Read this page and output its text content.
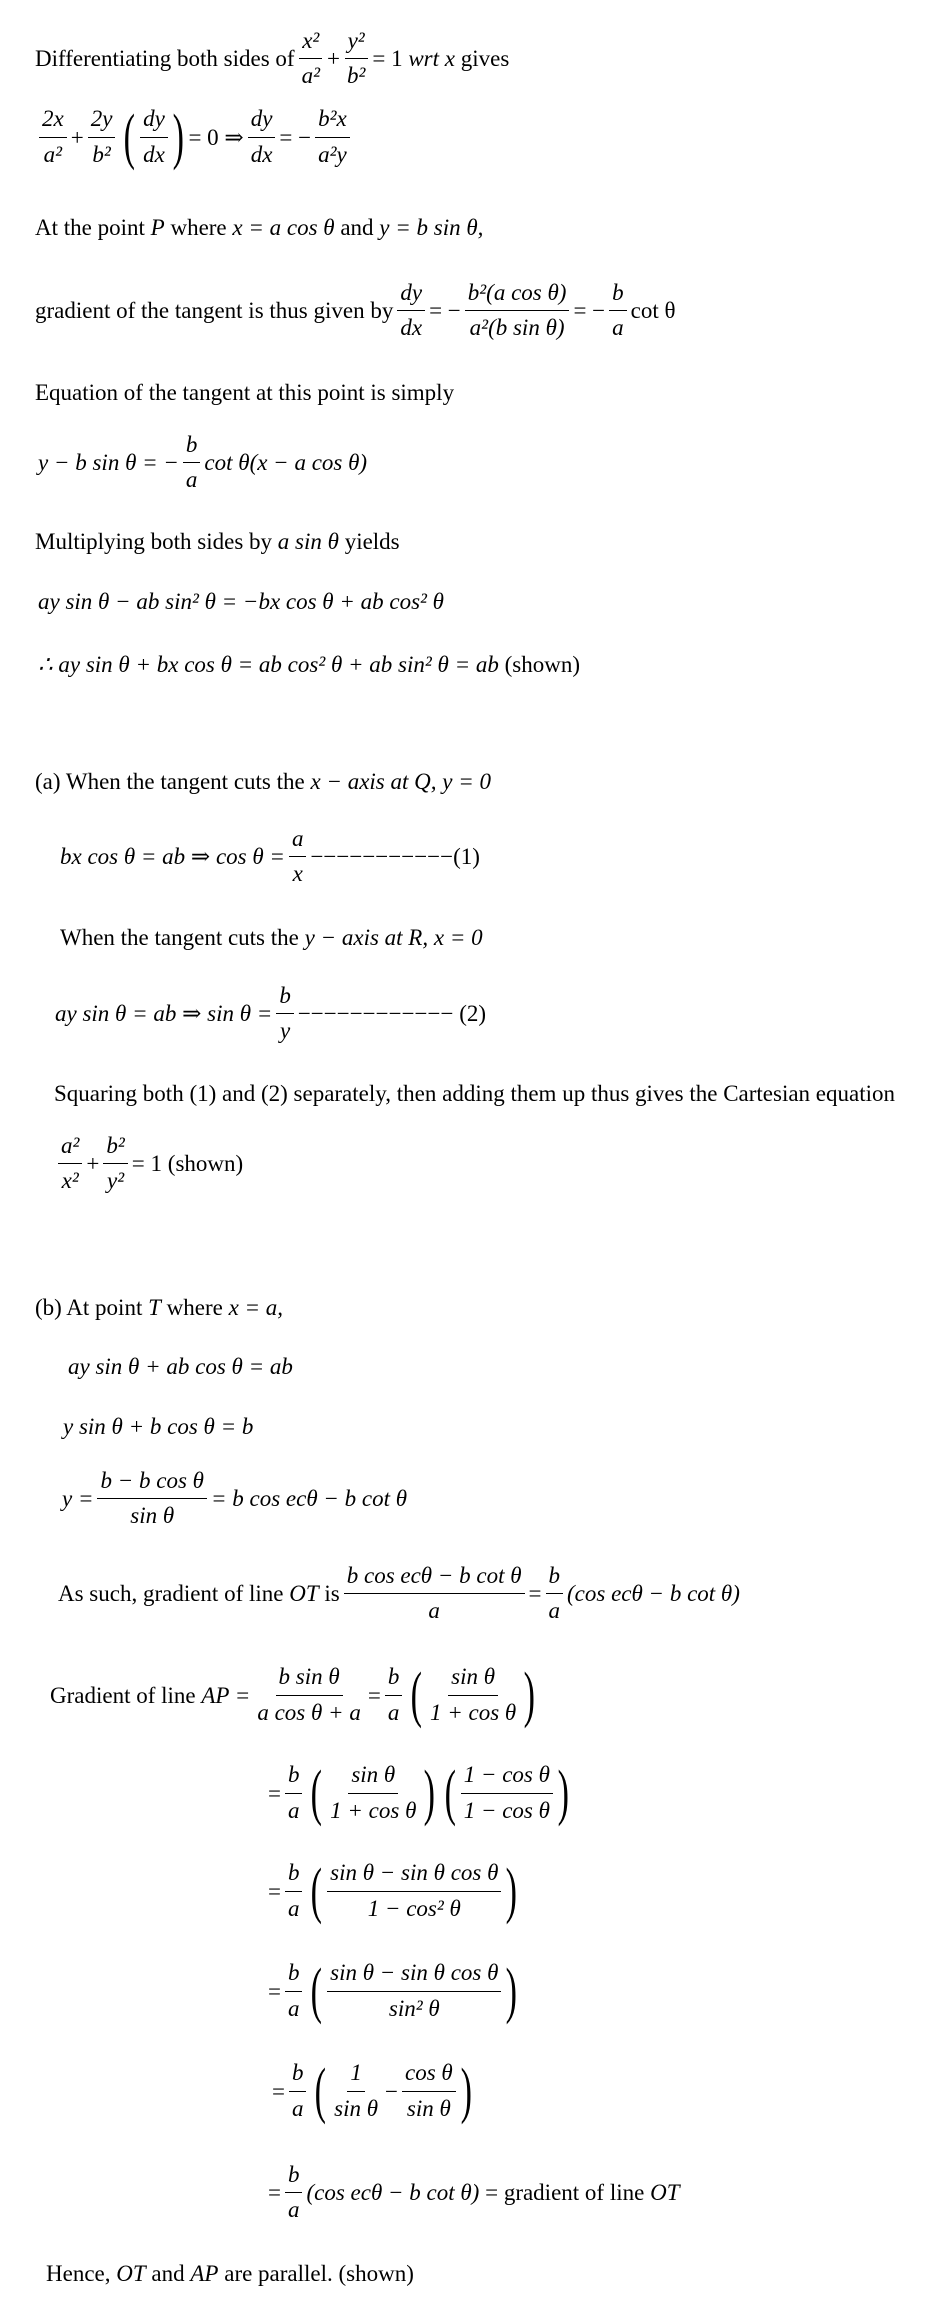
Differentiating both sides of
x²
a²
+ $\frac{\text{y²}}{\text{b²}} = 1$
wrt
x
gives
2x
a²
+ $\frac{2y}{\text{b²}}$ ( dy
dx
)
= 0 ⇒ $\frac{dy}{dx}$ = − $\frac{\text{b²x}}{\text{a²y}}$
At the point
P
where
x = a cos θ
and
y = b sin θ,
gradient of the tangent is thus given by $\frac{dy}{dx}$ = − $\frac{\text{b²(a cos θ)}}{\text{a²(b sin θ)}}$ = − $\frac{b}{a}$ cot θ
Equation of the tangent at this point is simply
y − b sin θ = − $\frac{b}{a}$ cot θ(x − a cos θ)
Multiplying both sides by
a sin θ
yields
ay sin θ − ab sin² θ = −bx cos θ + ab cos² θ
∴ ay sin θ + bx cos θ = ab cos² θ + ab sin² θ = ab
(shown)
(a) When the tangent cuts the
x − axis at
Q,
y = 0
bx cos θ = ab ⇒ $\cos \theta = \frac{a}{x} -----------(1)$
When the tangent cuts the
y − axis at
R,
x = 0
ay sin θ = ab ⇒ $\sin \theta = \frac{b}{y}$ −−−−−−−−−−−− (2)
Squaring both (1) and (2) separately, then adding them up thus gives the Cartesian equation
a²
x²
+ $\frac{\text{b²}}{\text{y²}} = 1$
(shown)
(b) At point
T
where
x = a,
ay sin θ + ab cos θ = ab
y sin θ + b cos θ = b
$y = \frac{\text{b − b cos θ}}{\text{sin θ}} = b$ cos ecθ − b cot θ
As such, gradient of line
OT
is
b cos ecθ − b cot θ
a
= $\frac{b}{a} (\cos$ ecθ − b cot θ)
Gradient of line
AP = $\frac{\text{b sin θ}}{\text{a cos θ + a}} = \frac{b}{a}$ ( sin θ
1 + cos θ
)
= $\frac{b}{a}$ ( sin θ
1 + cos θ
)
( 1 − cos θ
1 − cos θ
)
= $\frac{b}{a}$ ( sin θ − sin θ cos θ
1 − cos² θ
)
= $\frac{b}{a}$ ( sin θ − sin θ cos θ
sin² θ
)
= $\frac{b}{a}$ ( 1
sin θ
− $\frac{\text{cos θ}}{\text{sin θ}}$
)
= $\frac{b}{a} (\cos$ ecθ − b cot θ)
= gradient of line
OT
Hence,
OT
and
AP
are parallel. (shown)
